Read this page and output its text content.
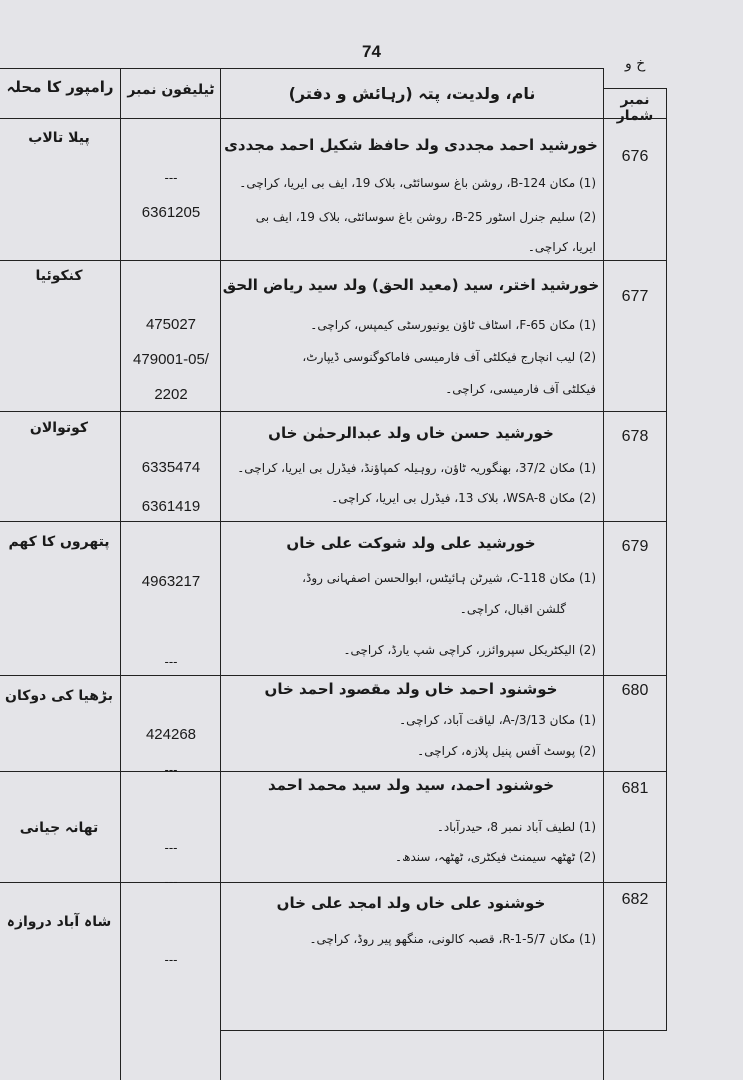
74
خ و
نمبر شمار
نام، ولدیت، پتہ (رہائش و دفتر)
ٹیلیفون نمبر
رامپور کا محلہ
676
خورشید احمد مجددی ولد حافظ شکیل احمد مجددی
(1) مکان B-124، روشن باغ سوسائٹی، بلاک 19، ایف بی ایریا، کراچی۔
(2) سلیم جنرل اسٹور B-25، روشن باغ سوسائٹی، بلاک 19، ایف بی
ایریا، کراچی۔
---
6361205
پیلا تالاب
677
خورشید اختر، سید (معید الحق) ولد سید ریاض الحق
(1) مکان F-65، اسٹاف ٹاؤن یونیورسٹی کیمپس، کراچی۔
(2) لیب انچارج فیکلٹی آف فارمیسی فاماکوگنوسی ڈیپارٹ،
فیکلٹی آف فارمیسی، کراچی۔
475027
479001-05/
2202
کنکوئیا
678
خورشید حسن خاں ولد عبدالرحمٰن خاں
(1) مکان 37/2، بھنگوریہ ٹاؤن، روہیلہ کمپاؤنڈ، فیڈرل بی ایریا، کراچی۔
(2) مکان WSA-8، بلاک 13، فیڈرل بی ایریا، کراچی۔
6335474
6361419
کوتوالان
679
خورشید علی ولد شوکت علی خاں
(1) مکان C-118، شیرٹن ہائیٹس، ابوالحسن اصفہانی روڈ،
گلشن اقبال، کراچی۔
(2) الیکٹریکل سپروائزر، کراچی شپ یارڈ، کراچی۔
4963217
---
پتھروں کا کھم
680
خوشنود احمد خاں ولد مقصود احمد خاں
(1) مکان A-/3/13، لیاقت آباد، کراچی۔
(2) پوسٹ آفس پنیل پلازہ، کراچی۔
424268
---
بڑھیا کی دوکان
681
خوشنود احمد، سید ولد سید محمد احمد
(1) لطیف آباد نمبر 8، حیدرآباد۔
(2) ٹھٹھہ سیمنٹ فیکٹری، ٹھٹھہ، سندھ۔
---
---
تھانہ جیانی
682
خوشنود علی خاں ولد امجد علی خاں
(1) مکان R-1-5/7، قصبہ کالونی، منگھو پیر روڈ، کراچی۔
---
شاہ آباد دروازہ
